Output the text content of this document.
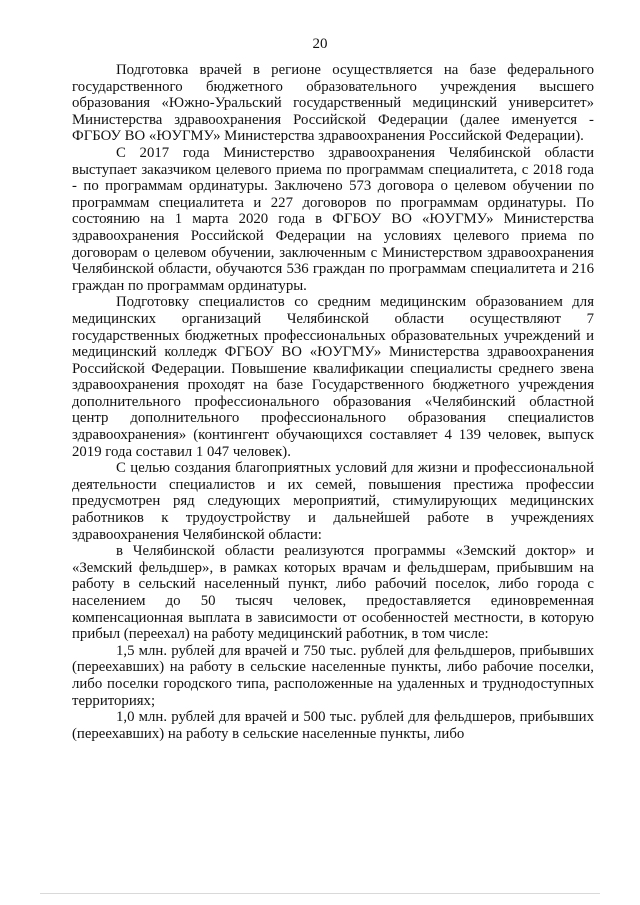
20

Подготовка врачей в регионе осуществляется на базе федерального государственного бюджетного образовательного учреждения высшего образования «Южно-Уральский государственный медицинский университет» Министерства здравоохранения Российской Федерации (далее именуется - ФГБОУ ВО «ЮУГМУ» Министерства здравоохранения Российской Федерации).

С 2017 года Министерство здравоохранения Челябинской области выступает заказчиком целевого приема по программам специалитета, с 2018 года - по программам ординатуры. Заключено 573 договора о целевом обучении по программам специалитета и 227 договоров по программам ординатуры. По состоянию на 1 марта 2020 года в ФГБОУ ВО «ЮУГМУ» Министерства здравоохранения Российской Федерации на условиях целевого приема по договорам о целевом обучении, заключенным с Министерством здравоохранения Челябинской области, обучаются 536 граждан по программам специалитета и 216 граждан по программам ординатуры.

Подготовку специалистов со средним медицинским образованием для медицинских организаций Челябинской области осуществляют 7 государственных бюджетных профессиональных образовательных учреждений и медицинский колледж ФГБОУ ВО «ЮУГМУ» Министерства здравоохранения Российской Федерации. Повышение квалификации специалисты среднего звена здравоохранения проходят на базе Государственного бюджетного учреждения дополнительного профессионального образования «Челябинский областной центр дополнительного профессионального образования специалистов здравоохранения» (контингент обучающихся составляет 4 139 человек, выпуск 2019 года составил 1 047 человек).

С целью создания благоприятных условий для жизни и профессиональной деятельности специалистов и их семей, повышения престижа профессии предусмотрен ряд следующих мероприятий, стимулирующих медицинских работников к трудоустройству и дальнейшей работе в учреждениях здравоохранения Челябинской области:

в Челябинской области реализуются программы «Земский доктор» и «Земский фельдшер», в рамках которых врачам и фельдшерам, прибывшим на работу в сельский населенный пункт, либо рабочий поселок, либо города с населением до 50 тысяч человек, предоставляется единовременная компенсационная выплата в зависимости от особенностей местности, в которую прибыл (переехал) на работу медицинский работник, в том числе:

1,5 млн. рублей для врачей и 750 тыс. рублей для фельдшеров, прибывших (переехавших) на работу в сельские населенные пункты, либо рабочие поселки, либо поселки городского типа, расположенные на удаленных и труднодоступных территориях;

1,0 млн. рублей для врачей и 500 тыс. рублей для фельдшеров, прибывших (переехавших) на работу в сельские населенные пункты, либо
